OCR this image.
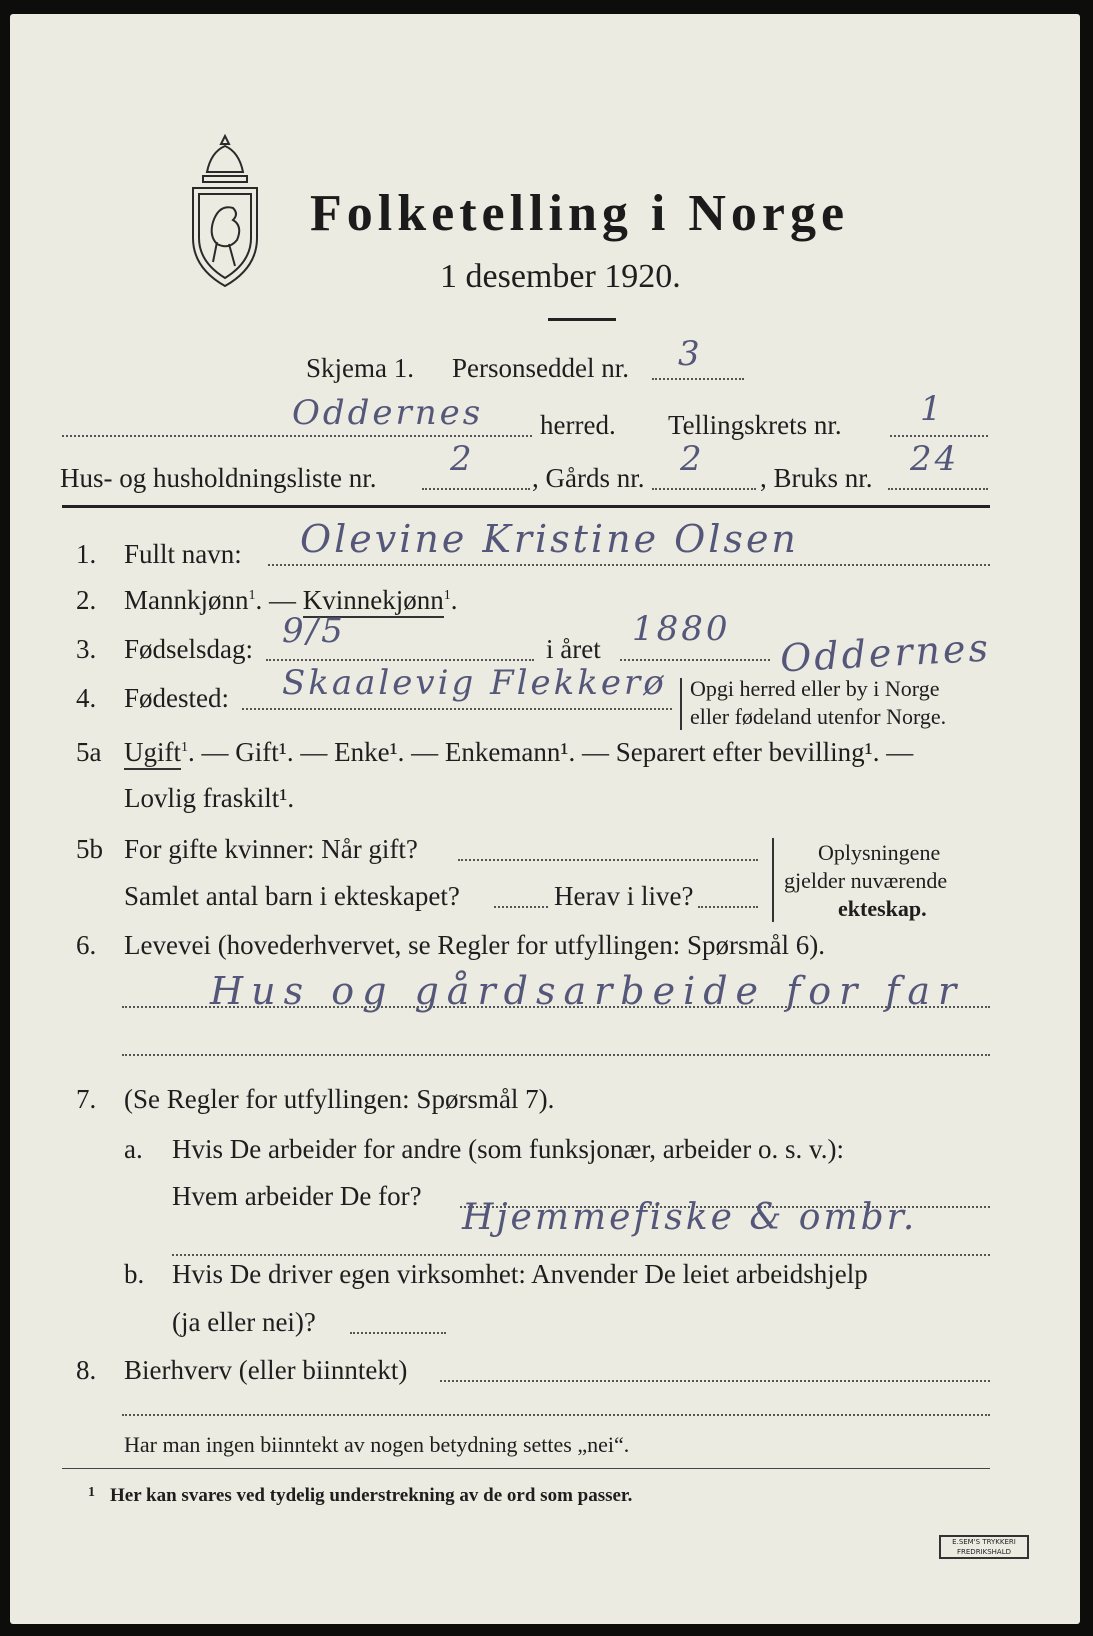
Folketelling i Norge
1 desember 1920.
Skjema 1. Personseddel nr. 3
Oddernes herred. Tellingskrets nr. 1
Hus- og husholdningsliste nr. 2 , Gårds nr. 2 , Bruks nr. 24
1. Fullt navn: Olevine Kristine Olsen
2. Mannkjønn$^1$. — Kvinnekjønn$^1$.
3. Fødselsdag: 9/5	i året 1880 Oddernes
4. Fødested: Skaalevig Flekkerø Opgi herred eller by i Norge
eller fødeland utenfor Norge.
5a Ugift$^1$. — Gift¹. — Enke¹. — Enkemann¹. — Separert efter bevilling¹. —
Lovlig fraskilt¹.
5b For gifte kvinner: Når gift?
Samlet antal barn i ekteskapet?	Herav i live?
Oplysningene
gjelder nuværende
ekteskap.
6. Levevei (hovederhvervet, se Regler for utfyllingen: Spørsmål 6).
Hus og gårdsarbeide for far
7. (Se Regler for utfyllingen: Spørsmål 7).
a. Hvis De arbeider for andre (som funksjonær, arbeider o. s. v.):
Hvem arbeider De for?
Hjemmefiske & ombr.
b. Hvis De driver egen virksomhet: Anvender De leiet arbeidshjelp
(ja eller nei)?
8. Bierhverv (eller biinntekt)
Har man ingen biinntekt av nogen betydning settes „nei“.
1 Her kan svares ved tydelig understrekning av de ord som passer.
E.SEM'S TRYKKERI
FREDRIKSHALD
